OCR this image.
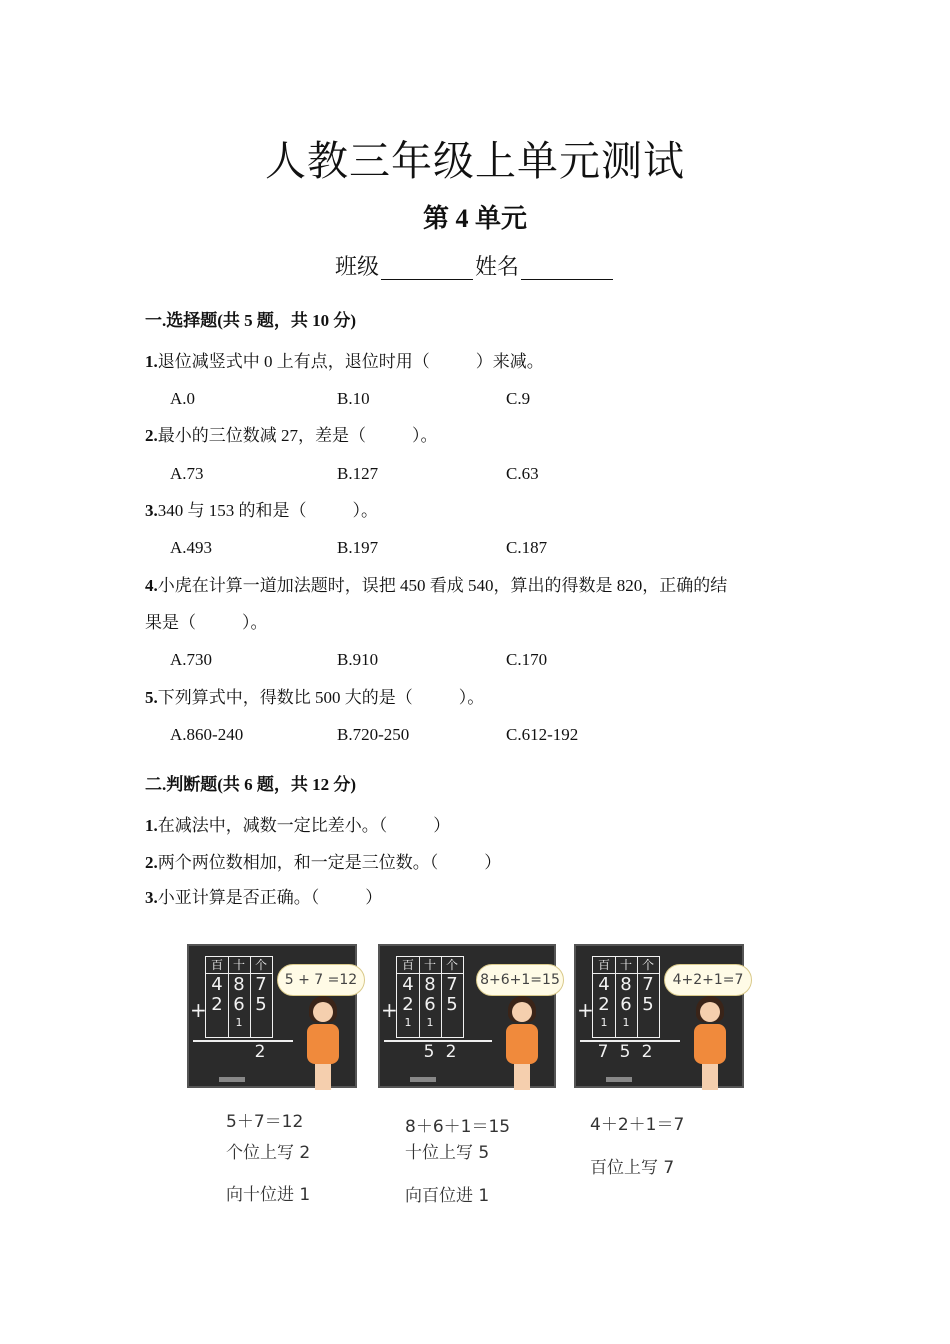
人教三年级上单元测试
第 4 单元
班级	姓名
一.选择题(共 5 题，共 10 分)
1.退位减竖式中 0 上有点，退位时用（	）来减。
A.0	B.10	C.9
2.最小的三位数减 27，差是（	）。
A.73	B.127	C.63
3.340 与 153 的和是（	）。
A.493	B.197	C.187
4.小虎在计算一道加法题时，误把 450 看成 540，算出的得数是 820，正确的结
果是（	）。
A.730	B.910	C.170
5.下列算式中，得数比 500 大的是（	）。
A.860-240	B.720-250	C.612-192
二.判断题(共 6 题，共 12 分)
1.在减法中，减数一定比差小。（	）
2.两个两位数相加，和一定是三位数。（	）
3.小亚计算是否正确。（	）
百 十 个
4 8 7
2 6 5
1
+
2
5 + 7 =12
5＋7＝12
个位上写 2
向十位进 1
百 十 个
4 8 7
2 6 5
1	1
+
5 2
8+6+1=15
8＋6＋1＝15
十位上写 5
向百位进 1
百 十 个
4 8 7
2 6 5
1	1
+
7 5 2
4+2+1=7
4＋2＋1＝7
百位上写 7
